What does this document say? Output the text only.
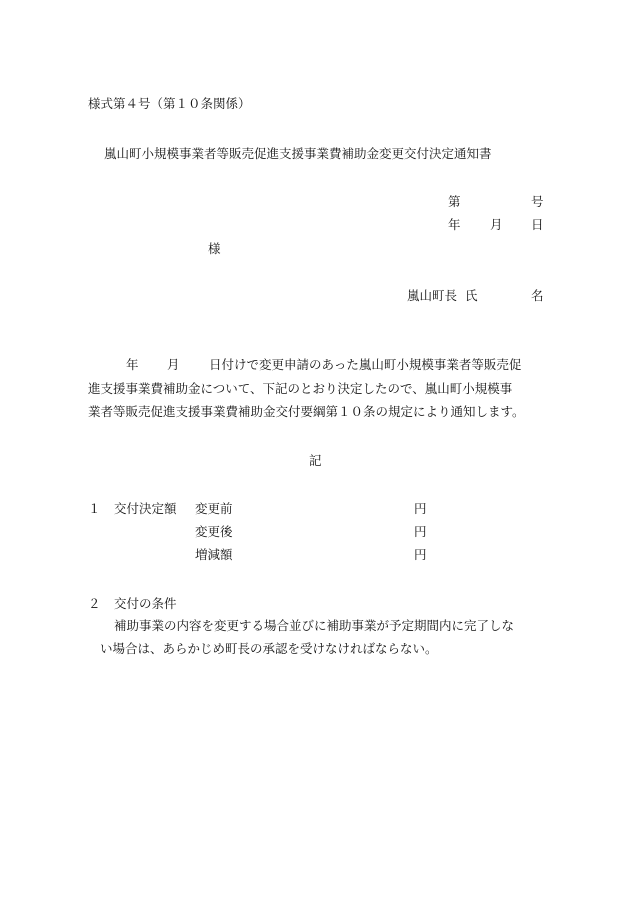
様式第４号（第１０条関係）
嵐山町小規模事業者等販売促進支援事業費補助金変更交付決定通知書
第	号
年 月 日
様
嵐山町長 氏	名
年 月 日付けで変更申請のあった嵐山町小規模事業者等販売促
進支援事業費補助金について、下記のとおり決定したので、嵐山町小規模事
業者等販売促進支援事業費補助金交付要綱第１０条の規定により通知します。
記
１ 交付決定額 変更前	円
変更後	円
増減額	円
２ 交付の条件
補助事業の内容を変更する場合並びに補助事業が予定期間内に完了しな
い場合は、あらかじめ町長の承認を受けなければならない。
